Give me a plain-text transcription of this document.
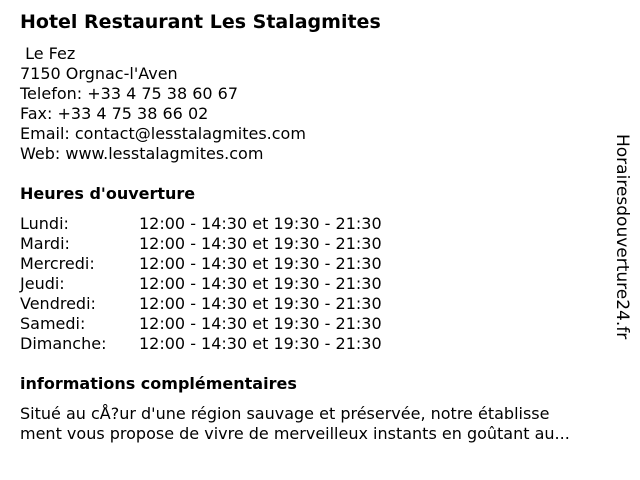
Hotel Restaurant Les Stalagmites
Le Fez
7150 Orgnac-l'Aven
Telefon: +33 4 75 38 60 67
Fax: +33 4 75 38 66 02
Email: contact@lesstalagmites.com
Web: www.lesstalagmites.com
Heures d'ouverture
Lundi:	12:00 - 14:30 et 19:30 - 21:30
Mardi:	12:00 - 14:30 et 19:30 - 21:30
Mercredi:	12:00 - 14:30 et 19:30 - 21:30
Jeudi:	12:00 - 14:30 et 19:30 - 21:30
Vendredi:	12:00 - 14:30 et 19:30 - 21:30
Samedi:	12:00 - 14:30 et 19:30 - 21:30
Dimanche:	12:00 - 14:30 et 19:30 - 21:30
informations complémentaires
Situé au cÅ?ur d'une région sauvage et préservée, notre établisse
ment vous propose de vivre de merveilleux instants en goûtant au...
Horairesdouverture24.fr
